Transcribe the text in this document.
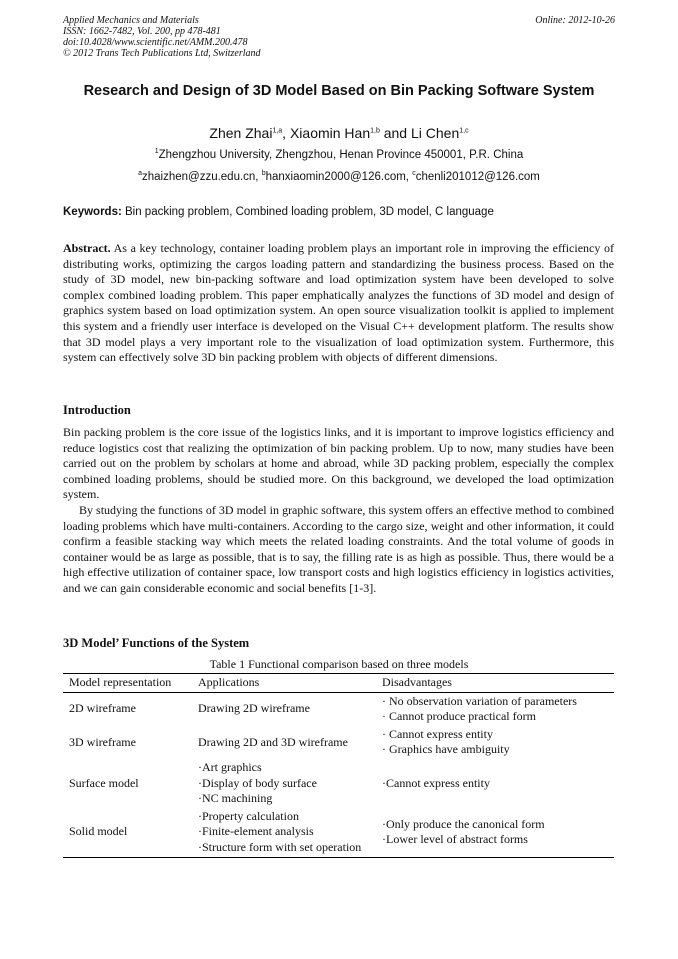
Applied Mechanics and Materials
ISSN: 1662-7482, Vol. 200, pp 478-481
doi:10.4028/www.scientific.net/AMM.200.478
© 2012 Trans Tech Publications Ltd, Switzerland
Online: 2012-10-26
Research and Design of 3D Model Based on Bin Packing Software System
Zhen Zhai$^{1,a}$, Xiaomin Han$^{1,b}$ and Li Chen$^{1,c}$
$^1$Zhengzhou University, Zhengzhou, Henan Province 450001, P.R. China
$^a$zhaizhen@zzu.edu.cn, $^b$hanxiaomin2000@126.com, $^c$chenli201012@126.com
Keywords: Bin packing problem, Combined loading problem, 3D model, C language

Abstract. As a key technology, container loading problem plays an important role in improving the efficiency of distributing works, optimizing the cargos loading pattern and standardizing the business process. Based on the study of 3D model, new bin-packing software and load optimization system have been developed to solve complex combined loading problem. This paper emphatically analyzes the functions of 3D model and design of graphics system based on load optimization system. An open source visualization toolkit is applied to implement this system and a friendly user interface is developed on the Visual C++ development platform. The results show that 3D model plays a very important role to the visualization of load optimization system. Furthermore, this system can effectively solve 3D bin packing problem with objects of different dimensions.

Introduction

Bin packing problem is the core issue of the logistics links, and it is important to improve logistics efficiency and reduce logistics cost that realizing the optimization of bin packing problem. Up to now, many studies have been carried out on the problem by scholars at home and abroad, while 3D packing problem, especially the complex combined loading problems, should be studied more. On this background, we developed the load optimization system.

By studying the functions of 3D model in graphic software, this system offers an effective method to combined loading problems which have multi-containers. According to the cargo size, weight and other information, it could confirm a feasible stacking way which meets the related loading constraints. And the total volume of goods in container would be as large as possible, that is to say, the filling rate is as high as possible. Thus, there would be a high effective utilization of container space, low transport costs and high logistics efficiency in logistics activities, and we can gain considerable economic and social benefits [1-3].

3D Model’ Functions of the System
Table 1 Functional comparison based on three models
Model representation	Applications	Disadvantages
2D wireframe	Drawing 2D wireframe	· No observation variation of parameters
· Cannot produce practical form

3D wireframe	Drawing 2D and 3D wireframe	· Cannot express entity
· Graphics have ambiguity

Surface model	·Art graphics
·Display of body surface
·NC machining	·Cannot express entity

Solid model	·Property calculation
·Finite-element analysis
·Structure form with set operation	·Only produce the canonical form
·Lower level of abstract forms
